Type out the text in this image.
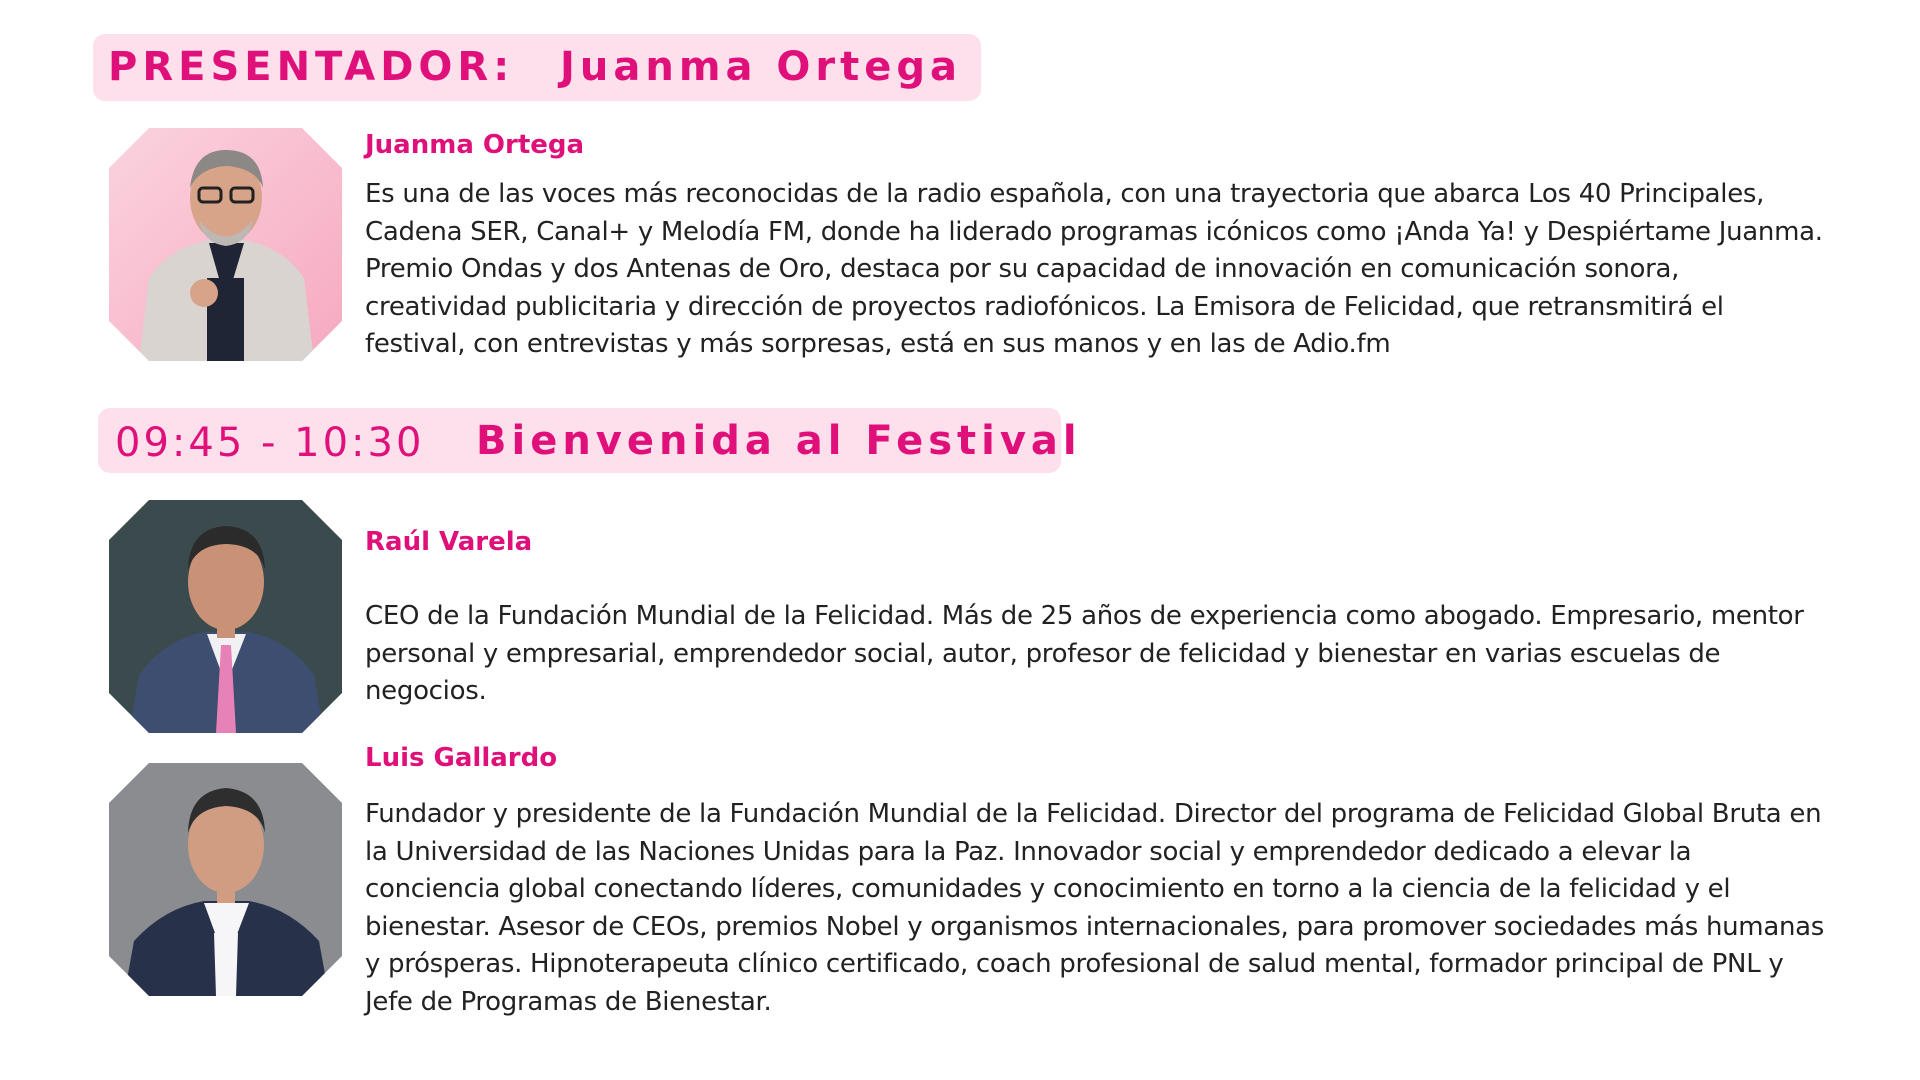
PRESENTADOR: Juanma Ortega
Juanma Ortega

Es una de las voces más reconocidas de la radio española, con una trayectoria que abarca Los 40 Principales, Cadena SER, Canal+ y Melodía FM, donde ha liderado programas icónicos como ¡Anda Ya! y Despiértame Juanma. Premio Ondas y dos Antenas de Oro, destaca por su capacidad de innovación en comunicación sonora, creatividad publicitaria y dirección de proyectos radiofónicos. La Emisora de Felicidad, que retransmitirá el festival, con entrevistas y más sorpresas, está en sus manos y en las de Adio.fm

09:45 - 10:30 Bienvenida al Festival
Raúl Varela

CEO de la Fundación Mundial de la Felicidad. Más de 25 años de experiencia como abogado. Empresario, mentor personal y empresarial, emprendedor social, autor, profesor de felicidad y bienestar en varias escuelas de negocios.

Luis Gallardo

Fundador y presidente de la Fundación Mundial de la Felicidad. Director del programa de Felicidad Global Bruta en la Universidad de las Naciones Unidas para la Paz. Innovador social y emprendedor dedicado a elevar la conciencia global conectando líderes, comunidades y conocimiento en torno a la ciencia de la felicidad y el bienestar. Asesor de CEOs, premios Nobel y organismos internacionales, para promover sociedades más humanas y prósperas. Hipnoterapeuta clínico certificado, coach profesional de salud mental, formador principal de PNL y Jefe de Programas de Bienestar.
